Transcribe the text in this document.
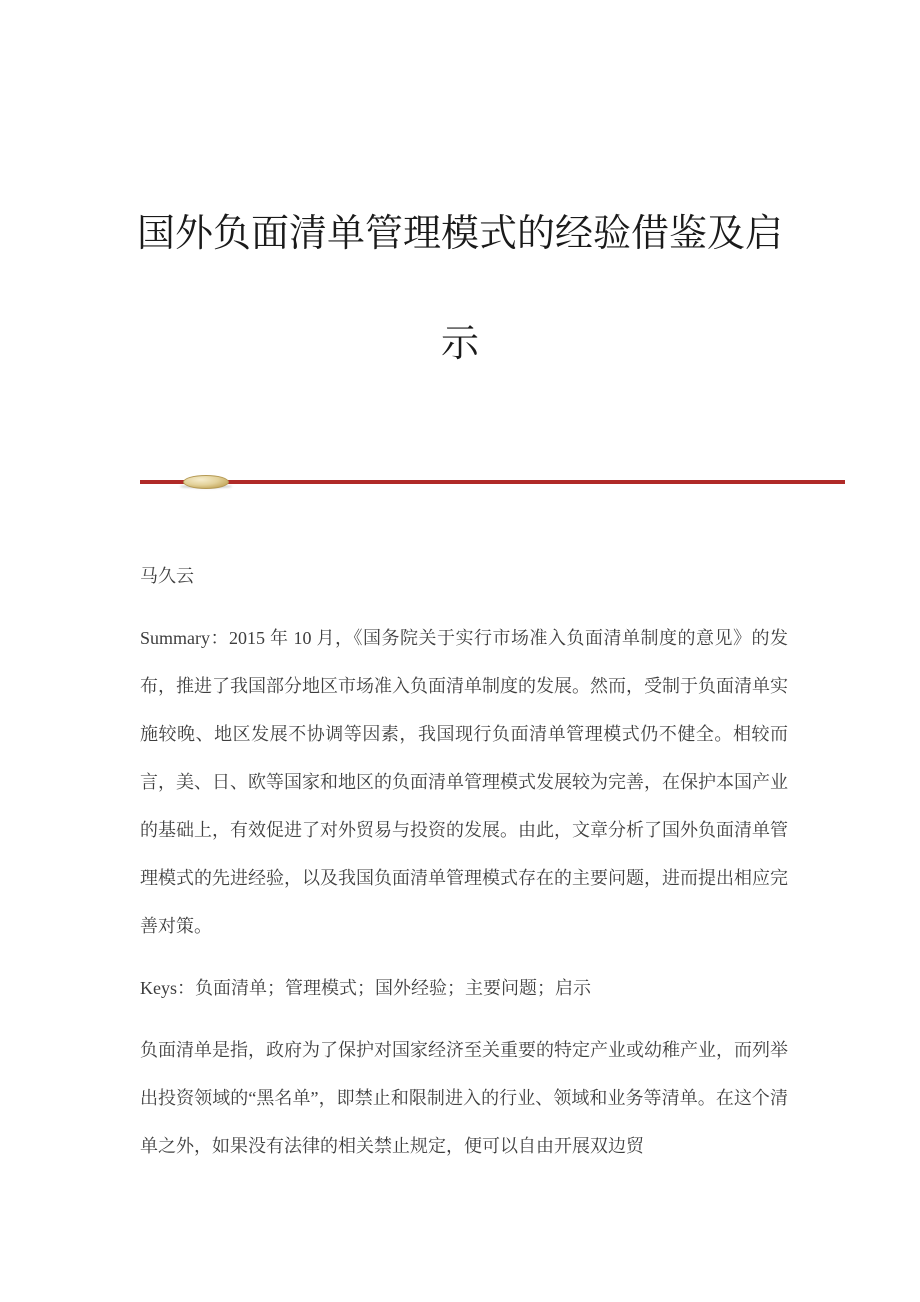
国外负面清单管理模式的经验借鉴及启示

马久云

Summary：2015 年 10 月，《国务院关于实行市场准入负面清单制度的意见》的发布，推进了我国部分地区市场准入负面清单制度的发展。然而，受制于负面清单实施较晚、地区发展不协调等因素，我国现行负面清单管理模式仍不健全。相较而言，美、日、欧等国家和地区的负面清单管理模式发展较为完善，在保护本国产业的基础上，有效促进了对外贸易与投资的发展。由此，文章分析了国外负面清单管理模式的先进经验，以及我国负面清单管理模式存在的主要问题，进而提出相应完善对策。

Keys：负面清单；管理模式；国外经验；主要问题；启示

负面清单是指，政府为了保护对国家经济至关重要的特定产业或幼稚产业，而列举出投资领域的“黑名单”，即禁止和限制进入的行业、领域和业务等清单。在这个清单之外，如果没有法律的相关禁止规定，便可以自由开展双边贸
